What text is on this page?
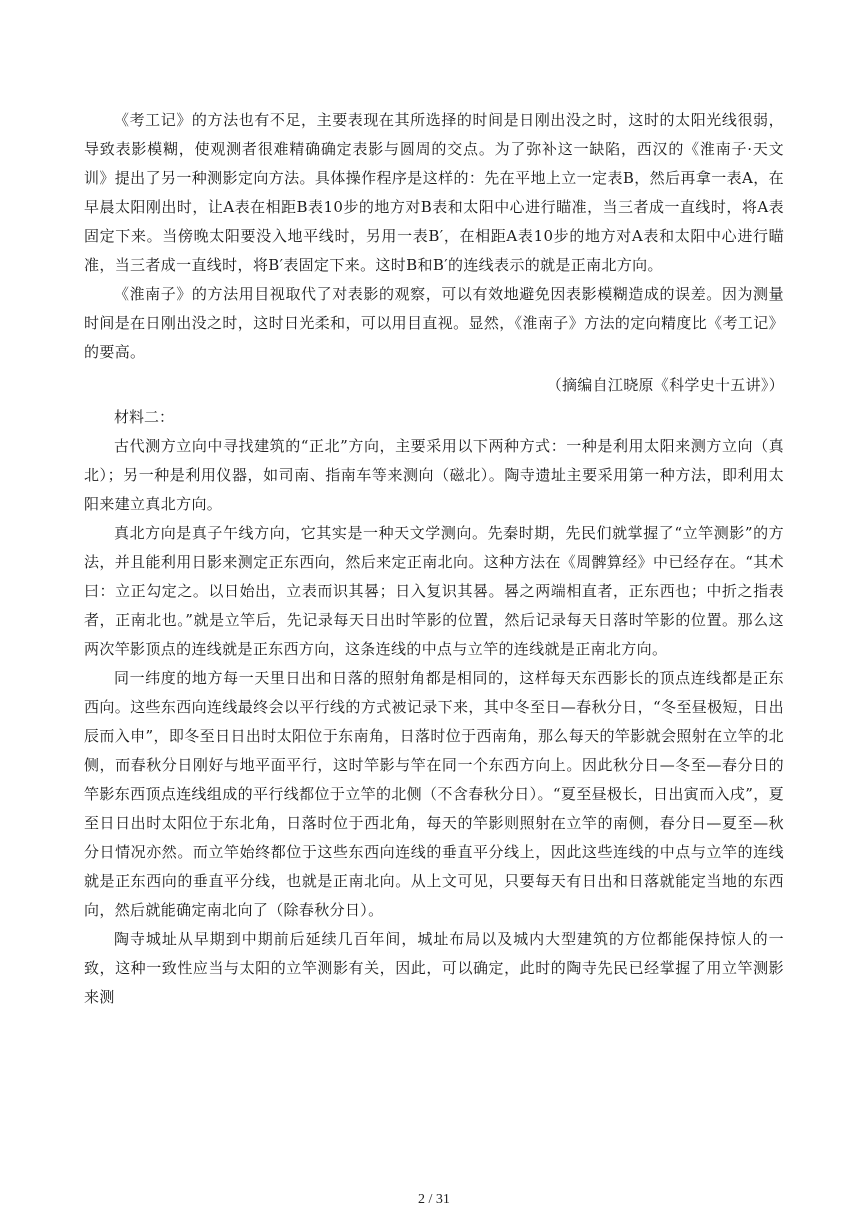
《考工记》的方法也有不足，主要表现在其所选择的时间是日刚出没之时，这时的太阳光线很弱，导致表影模糊，使观测者很难精确确定表影与圆周的交点。为了弥补这一缺陷，西汉的《淮南子·天文训》提出了另一种测影定向方法。具体操作程序是这样的：先在平地上立一定表B，然后再拿一表A，在早晨太阳刚出时，让A表在相距B表10步的地方对B表和太阳中心进行瞄准，当三者成一直线时，将A表固定下来。当傍晚太阳要没入地平线时，另用一表B′，在相距A表10步的地方对A表和太阳中心进行瞄准，当三者成一直线时，将B′表固定下来。这时B和B′的连线表示的就是正南北方向。

《淮南子》的方法用目视取代了对表影的观察，可以有效地避免因表影模糊造成的误差。因为测量时间是在日刚出没之时，这时日光柔和，可以用目直视。显然，《淮南子》方法的定向精度比《考工记》的要高。

（摘编自江晓原《科学史十五讲》）

材料二：

古代测方立向中寻找建筑的“正北”方向，主要采用以下两种方式：一种是利用太阳来测方立向（真北）；另一种是利用仪器，如司南、指南车等来测向（磁北）。陶寺遗址主要采用第一种方法，即利用太阳来建立真北方向。

真北方向是真子午线方向，它其实是一种天文学测向。先秦时期，先民们就掌握了“立竿测影”的方法，并且能利用日影来测定正东西向，然后来定正南北向。这种方法在《周髀算经》中已经存在。“其术曰：立正勾定之。以日始出，立表而识其晷；日入复识其晷。晷之两端相直者，正东西也；中折之指表者，正南北也。”就是立竿后，先记录每天日出时竿影的位置，然后记录每天日落时竿影的位置。那么这两次竿影顶点的连线就是正东西方向，这条连线的中点与立竿的连线就是正南北方向。

同一纬度的地方每一天里日出和日落的照射角都是相同的，这样每天东西影长的顶点连线都是正东西向。这些东西向连线最终会以平行线的方式被记录下来，其中冬至日—春秋分日，“冬至昼极短，日出辰而入申”，即冬至日日出时太阳位于东南角，日落时位于西南角，那么每天的竿影就会照射在立竿的北侧，而春秋分日刚好与地平面平行，这时竿影与竿在同一个东西方向上。因此秋分日—冬至—春分日的竿影东西顶点连线组成的平行线都位于立竿的北侧（不含春秋分日）。“夏至昼极长，日出寅而入戌”，夏至日日出时太阳位于东北角，日落时位于西北角，每天的竿影则照射在立竿的南侧，春分日—夏至—秋分日情况亦然。而立竿始终都位于这些东西向连线的垂直平分线上，因此这些连线的中点与立竿的连线就是正东西向的垂直平分线，也就是正南北向。从上文可见，只要每天有日出和日落就能定当地的东西向，然后就能确定南北向了（除春秋分日）。

陶寺城址从早期到中期前后延续几百年间，城址布局以及城内大型建筑的方位都能保持惊人的一致，这种一致性应当与太阳的立竿测影有关，因此，可以确定，此时的陶寺先民已经掌握了用立竿测影来测

2 / 31
